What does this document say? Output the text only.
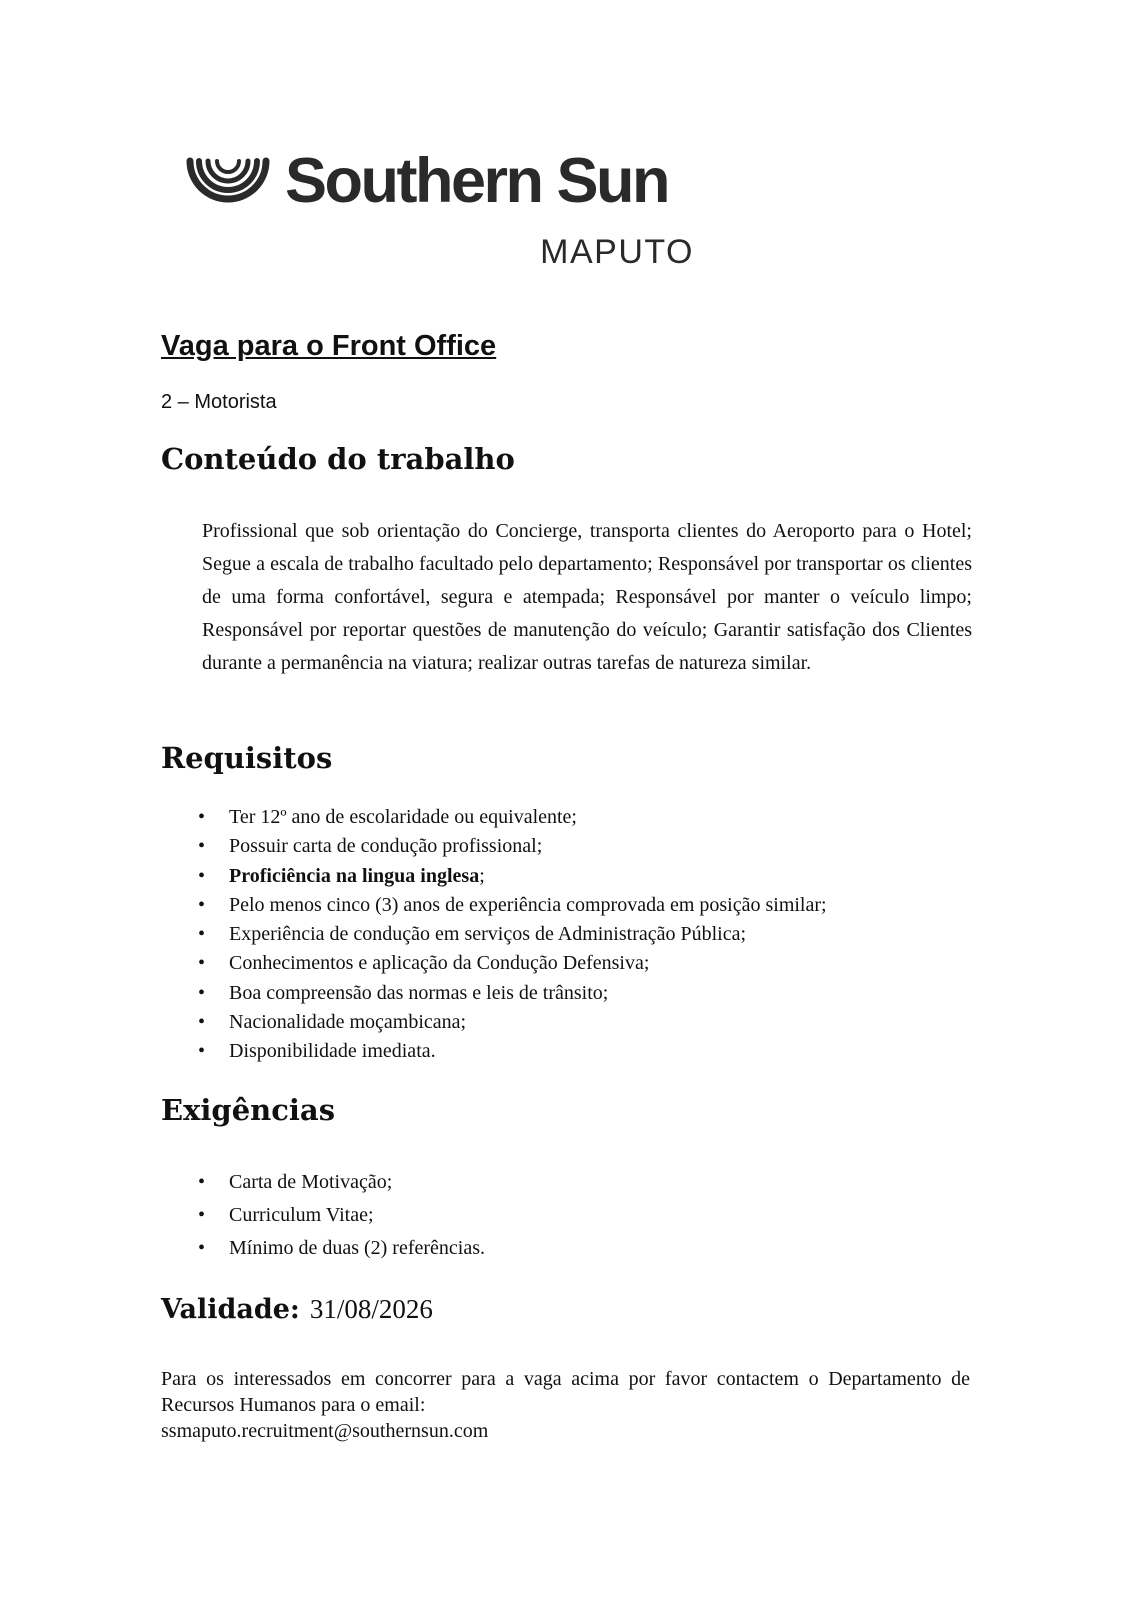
Southern Sun
MAPUTO
Vaga para o Front Office
2 – Motorista
Conteúdo do trabalho

Profissional que sob orientação do Concierge, transporta clientes do Aeroporto para o Hotel; Segue a escala de trabalho facultado pelo departamento; Responsável por transportar os clientes de uma forma confortável, segura e atempada; Responsável por manter o veículo limpo; Responsável por reportar questões de manutenção do veículo; Garantir satisfação dos Clientes durante a permanência na viatura; realizar outras tarefas de natureza similar.

Requisitos
• Ter 12º ano de escolaridade ou equivalente;
• Possuir carta de condução profissional;
• Proficiência na lingua inglesa;
• Pelo menos cinco (3) anos de experiência comprovada em posição similar;
• Experiência de condução em serviços de Administração Pública;
• Conhecimentos e aplicação da Condução Defensiva;
• Boa compreensão das normas e leis de trânsito;
• Nacionalidade moçambicana;
• Disponibilidade imediata.
Exigências
• Carta de Motivação;
• Curriculum Vitae;
• Mínimo de duas (2) referências.
Validade: 31/08/2026

Para os interessados em concorrer para a vaga acima por favor contactem o Departamento de Recursos Humanos para o email:
ssmaputo.recruitment@southernsun.com
